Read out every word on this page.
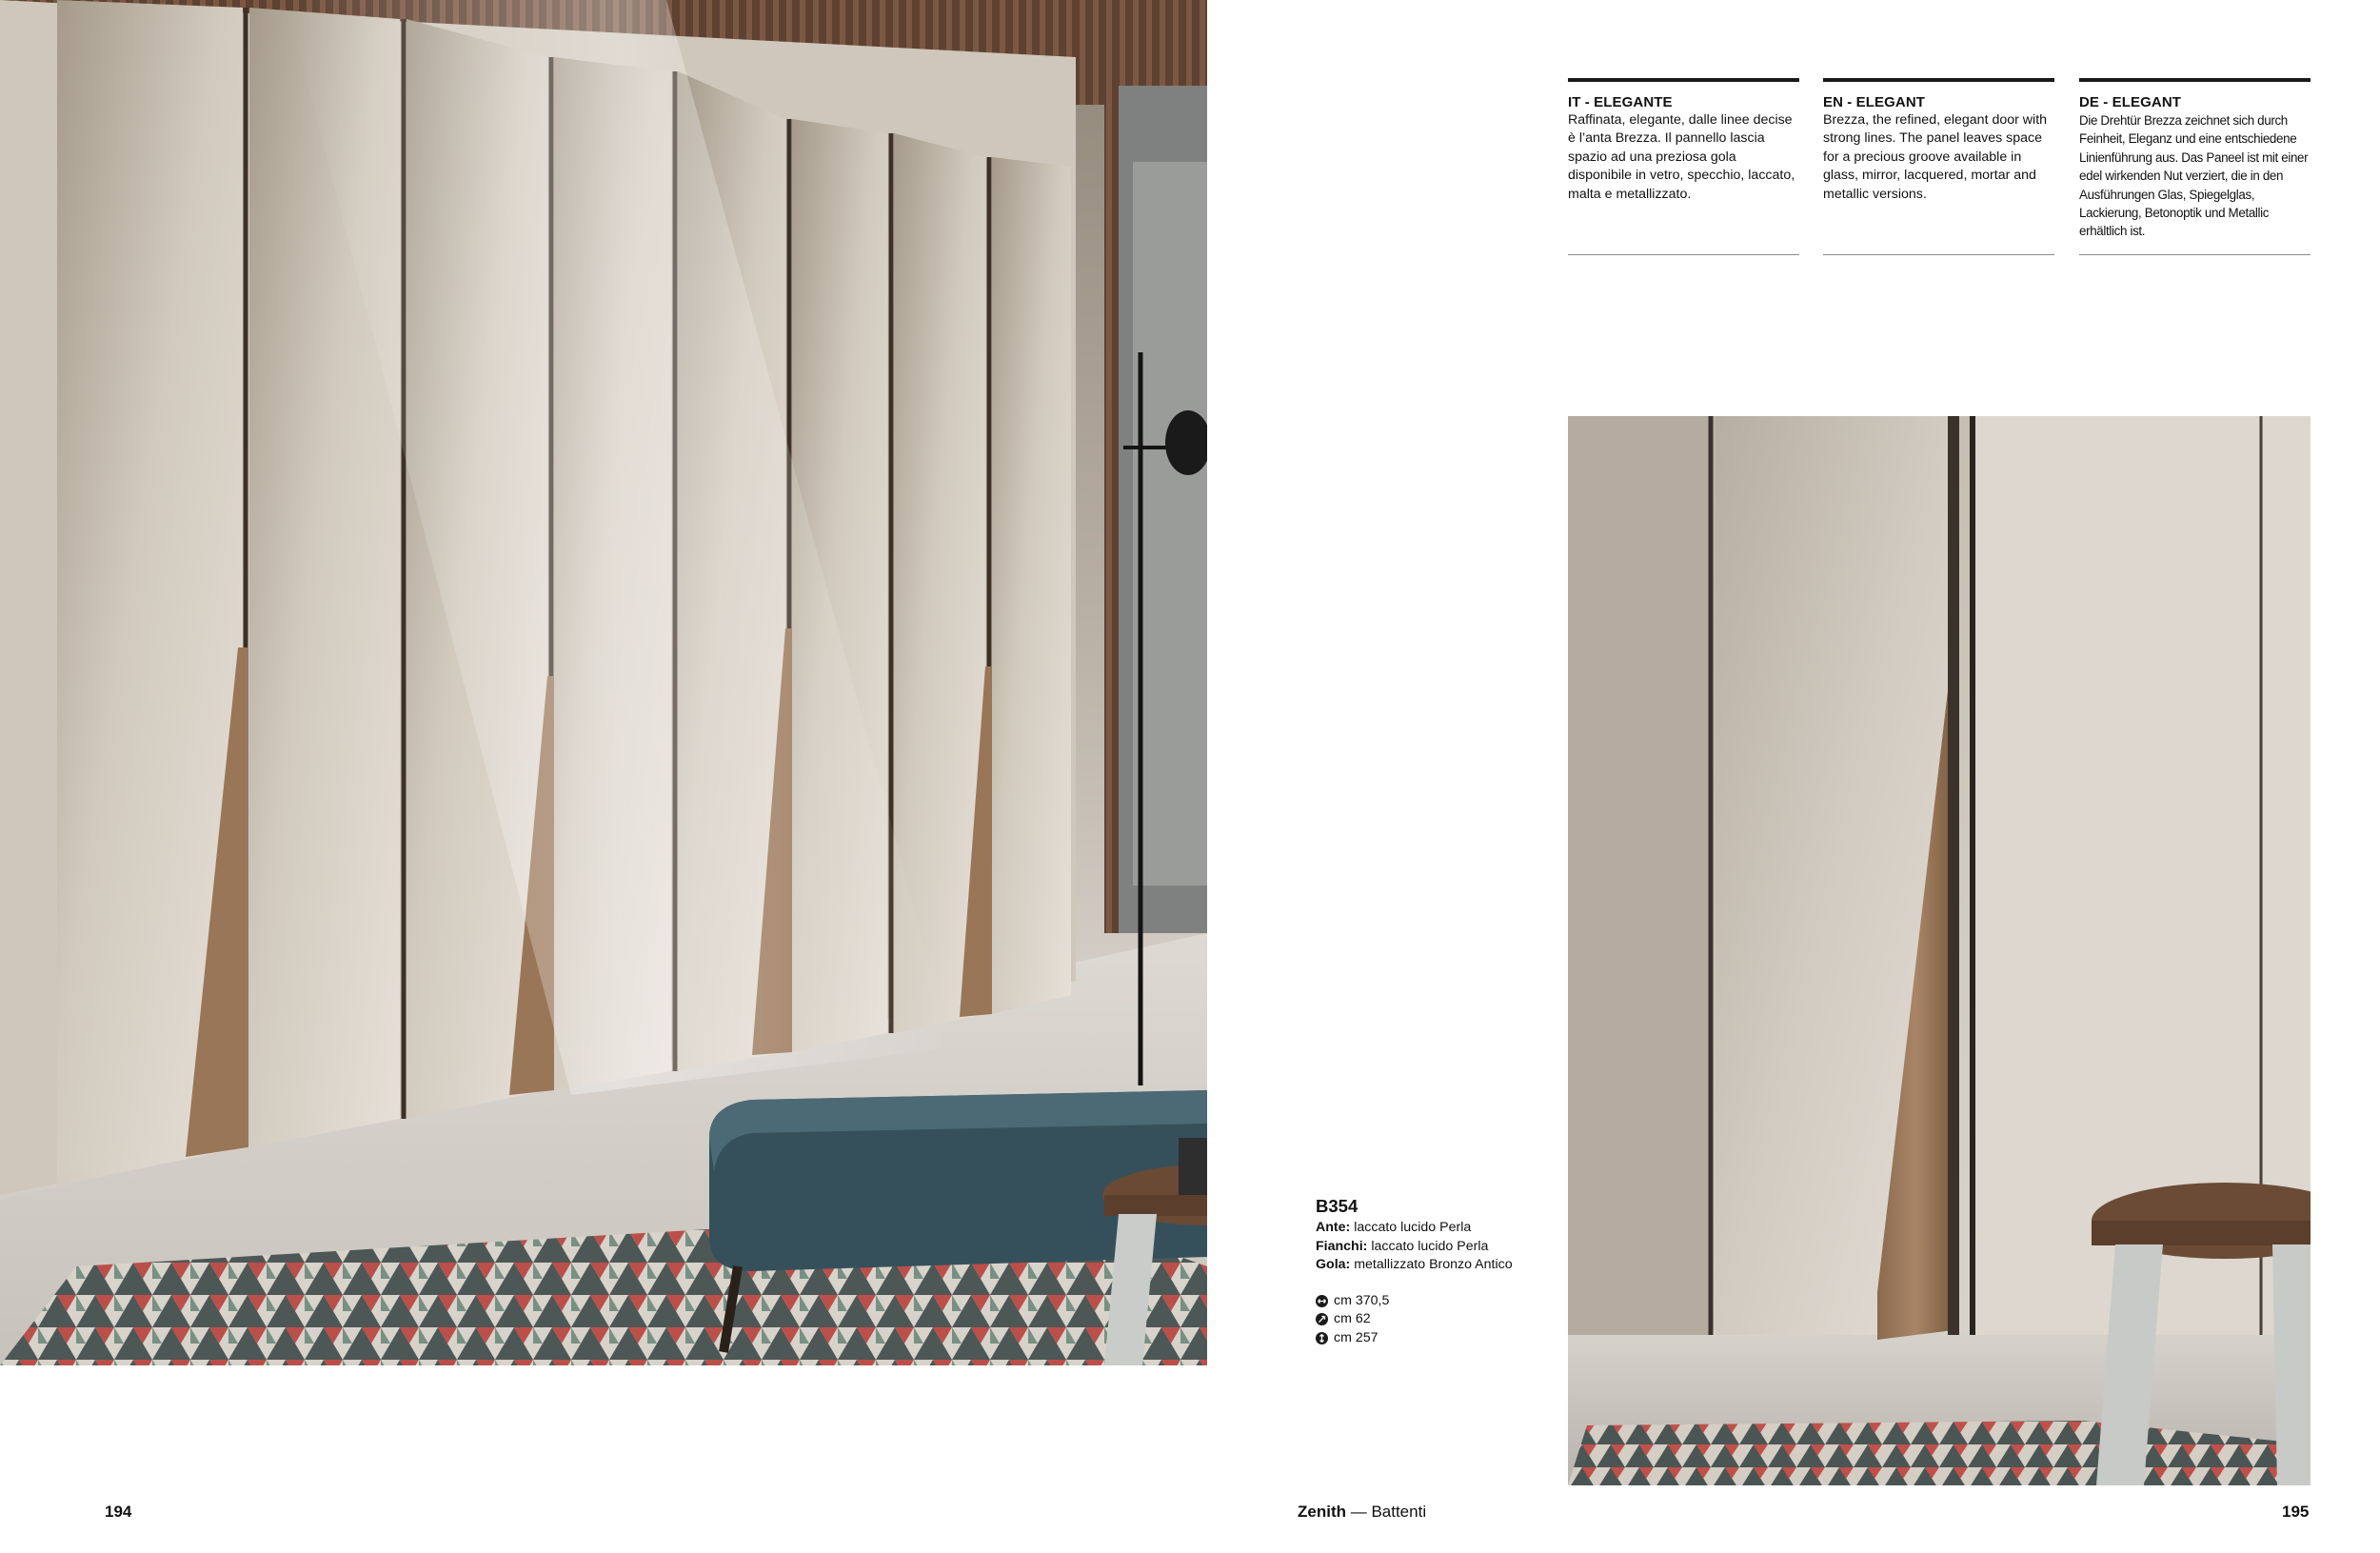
IT - ELEGANTE
Raffinata, elegante, dalle linee decise è l’anta Brezza. Il pannello lascia spazio ad una preziosa gola disponibile in vetro, specchio, laccato, malta e metallizzato.
EN - ELEGANT
Brezza, the refined, elegant door with strong lines. The panel leaves space for a precious groove available in glass, mirror, lacquered, mortar and metallic versions.
DE - ELEGANT
Die Drehtür Brezza zeichnet sich durch Feinheit, Eleganz und eine entschiedene Linienführung aus. Das Paneel ist mit einer edel wirkenden Nut verziert, die in den Ausführungen Glas, Spiegelglas, Lackierung, Betonoptik und Metallic erhältlich ist.
B354
Ante: laccato lucido Perla
Fianchi: laccato lucido Perla
Gola: metallizzato Bronzo Antico
cm 370,5
cm 62
cm 257
194	Zenith — Battenti	195
